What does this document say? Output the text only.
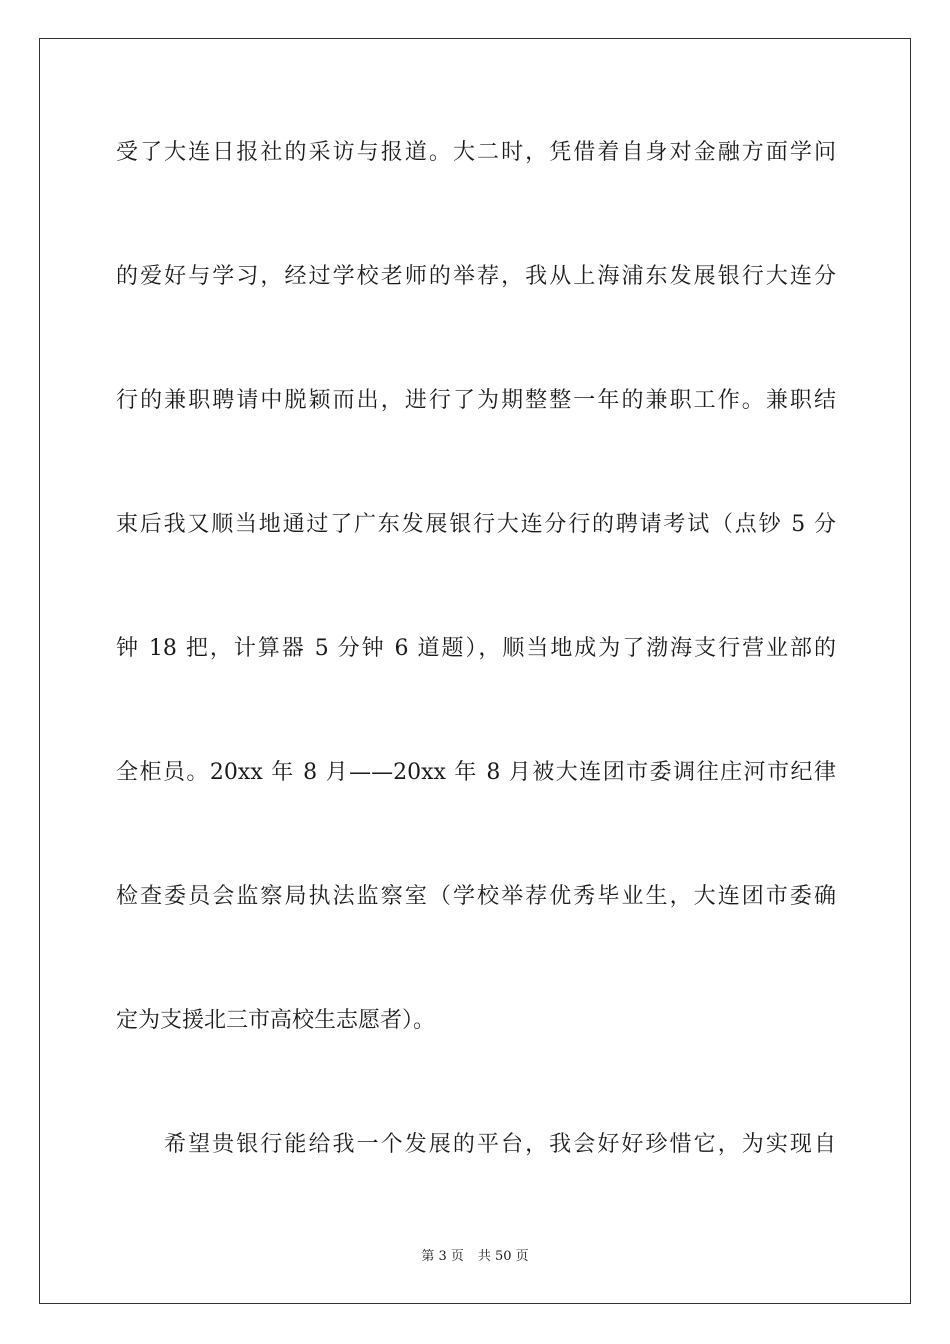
受了大连日报社的采访与报道。大二时，凭借着自身对金融方面学问
的爱好与学习，经过学校老师的举荐，我从上海浦东发展银行大连分
行的兼职聘请中脱颖而出，进行了为期整整一年的兼职工作。兼职结
束后我又顺当地通过了广东发展银行大连分行的聘请考试（点钞 5 分
钟 18 把，计算器 5 分钟 6 道题），顺当地成为了渤海支行营业部的
全柜员。20xx 年 8 月——20xx 年 8 月被大连团市委调往庄河市纪律
检查委员会监察局执法监察室（学校举荐优秀毕业生，大连团市委确
定为支援北三市高校生志愿者）。
希望贵银行能给我一个发展的平台，我会好好珍惜它，为实现自
第 3 页 共 50 页
